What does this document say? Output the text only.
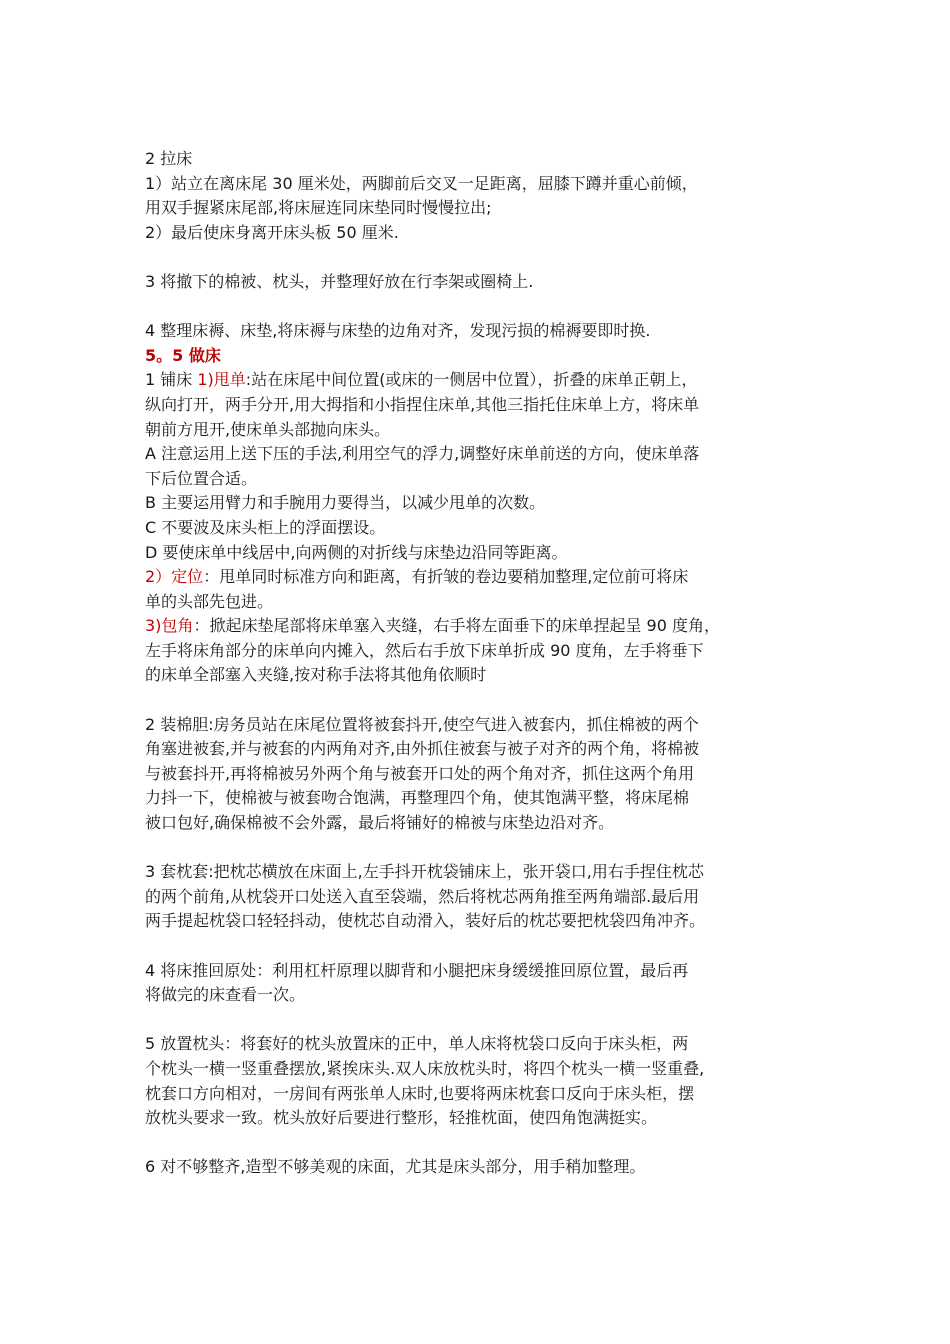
2 拉床
1）站立在离床尾 30 厘米处，两脚前后交叉一足距离，屈膝下蹲并重心前倾，
用双手握紧床尾部,将床屉连同床垫同时慢慢拉出;
2）最后使床身离开床头板 50 厘米.
3 将撤下的棉被、枕头，并整理好放在行李架或圈椅上.
4 整理床褥、床垫,将床褥与床垫的边角对齐，发现污损的棉褥要即时换.
5。5 做床
1 铺床 1)甩单:站在床尾中间位置(或床的一侧居中位置），折叠的床单正朝上，
纵向打开，两手分开,用大拇指和小指捏住床单,其他三指托住床单上方，将床单
朝前方甩开,使床单头部抛向床头。
A 注意运用上送下压的手法,利用空气的浮力,调整好床单前送的方向，使床单落
下后位置合适。
B 主要运用臂力和手腕用力要得当，以减少甩单的次数。
C 不要波及床头柜上的浮面摆设。
D 要使床单中线居中,向两侧的对折线与床垫边沿同等距离。
2）定位：甩单同时标准方向和距离，有折皱的卷边要稍加整理,定位前可将床
单的头部先包进。
3)包角：掀起床垫尾部将床单塞入夹缝，右手将左面垂下的床单捏起呈 90 度角，
左手将床角部分的床单向内摊入，然后右手放下床单折成 90 度角，左手将垂下
的床单全部塞入夹缝,按对称手法将其他角依顺时
2 装棉胆:房务员站在床尾位置将被套抖开,使空气进入被套内，抓住棉被的两个
角塞进被套,并与被套的内两角对齐,由外抓住被套与被子对齐的两个角，将棉被
与被套抖开,再将棉被另外两个角与被套开口处的两个角对齐，抓住这两个角用
力抖一下，使棉被与被套吻合饱满，再整理四个角，使其饱满平整，将床尾棉
被口包好,确保棉被不会外露，最后将铺好的棉被与床垫边沿对齐。
3 套枕套:把枕芯横放在床面上,左手抖开枕袋铺床上，张开袋口,用右手捏住枕芯
的两个前角,从枕袋开口处送入直至袋端，然后将枕芯两角推至两角端部.最后用
两手提起枕袋口轻轻抖动，使枕芯自动滑入，装好后的枕芯要把枕袋四角冲齐。
4 将床推回原处：利用杠杆原理以脚背和小腿把床身缓缓推回原位置，最后再
将做完的床查看一次。
5 放置枕头：将套好的枕头放置床的正中，单人床将枕袋口反向于床头柜，两
个枕头一横一竖重叠摆放,紧挨床头.双人床放枕头时，将四个枕头一横一竖重叠,
枕套口方向相对，一房间有两张单人床时,也要将两床枕套口反向于床头柜，摆
放枕头要求一致。枕头放好后要进行整形，轻推枕面，使四角饱满挺实。
6 对不够整齐,造型不够美观的床面，尤其是床头部分，用手稍加整理。
